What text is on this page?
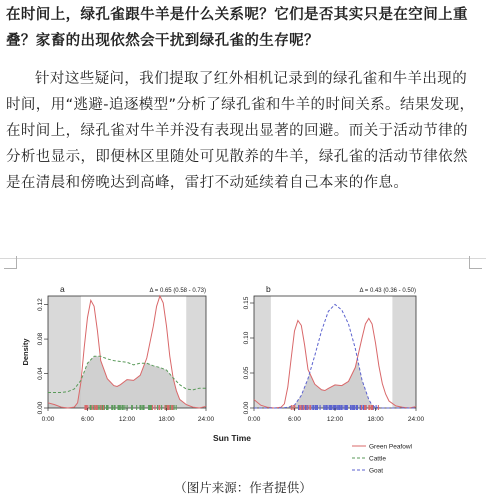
在时间上，绿孔雀跟牛羊是什么关系呢？它们是否其实只是在空间上重叠？家畜的出现依然会干扰到绿孔雀的生存呢？
针对这些疑问，我们提取了红外相机记录到的绿孔雀和牛羊出现的时间，用“逃避-追逐模型”分析了绿孔雀和牛羊的时间关系。结果发现，在时间上，绿孔雀对牛羊并没有表现出显著的回避。而关于活动节律的分析也显示，即便林区里随处可见散养的牛羊，绿孔雀的活动节律依然是在清晨和傍晚达到高峰，雷打不动延续着自己本来的作息。
0.00
0.04
0.08
0.12
0:00	6:00	12:00	18:00	24:00
a	Δ = 0.65 (0.58 - 0.73)
Density
0.00
0.05
0.10
0.15
0:00	6:00	12:00	18:00	24:00
b	Δ = 0.43 (0.36 - 0.50)
Sun Time
Green Peafowl
Cattle
Goat
（图片来源：作者提供）
